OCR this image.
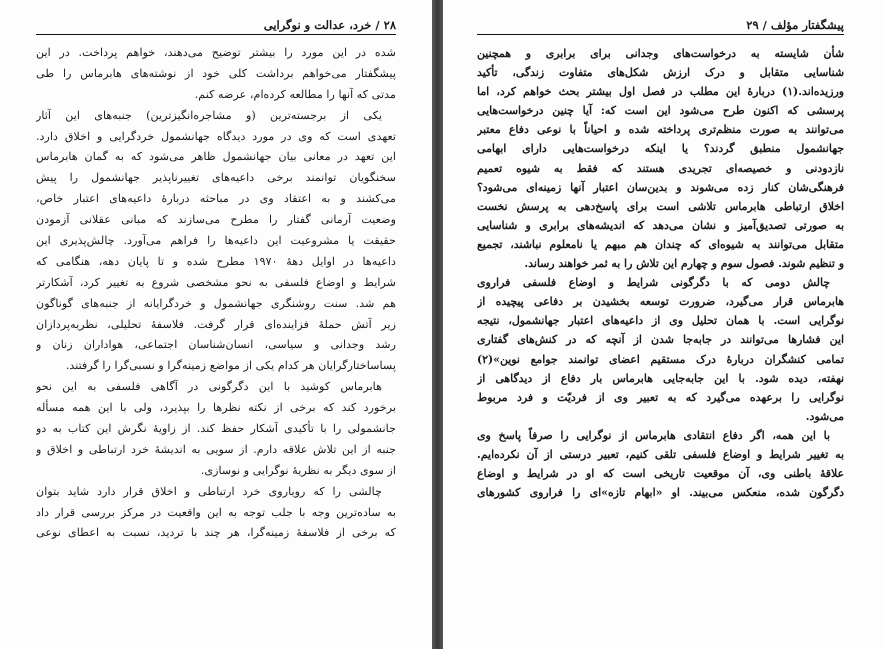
۲۸ / خرد، عدالت و نوگرایی
شده در این مورد را بیشتر توضیح می‌دهند، خواهم پرداخت. در این
پیشگفتار می‌خواهم برداشت کلی خود از نوشته‌های هابرماس را طی
مدتی که آنها را مطالعه کرده‌ام، عرضه کنم.
یکی از برجسته‌ترین (و مشاجره‌انگیزترین) جنبه‌های این آثار
تعهدی است که وی در مورد دیدگاه جهانشمول خردگرایی و اخلاق دارد.
این تعهد در معانی بیان جهانشمول ظاهر می‌شود که به گمان هابرماس
سخنگویان توانمند برخی داعیه‌های تغییرناپذیر جهانشمول را پیش
می‌کشند و به اعتقاد وی در مباحثه دربارهٔ داعیه‌های اعتبار خاص،
وضعیت آرمانی گفتار را مطرح می‌سازند که مبانی عقلانی آزمودن
حقیقت یا مشروعیت این داعیه‌ها را فراهم می‌آورد. چالش‌پذیری این
داعیه‌ها در اوایل دههٔ ۱۹۷۰ مطرح شده و تا پایان دهه، هنگامی که
شرایط و اوضاع فلسفی به نحو مشخصی شروع به تغییر کرد، آشکارتر
هم شد. سنت روشنگری جهانشمول و خردگرایانه از جنبه‌های گوناگون
زیر آتش حملهٔ فزاینده‌ای قرار گرفت. فلاسفهٔ تحلیلی، نظریه‌پردازان
رشد وجدانی و سیاسی، انسان‌شناسان اجتماعی، هواداران زنان و
پساساختارگرایان هر کدام یکی از مواضع زمینه‌گرا و نسبی‌گرا را گرفتند.
هابرماس کوشید با این دگرگونی در آگاهی فلسفی به این نحو
برخورد کند که برخی از نکته نظرها را بپذیرد، ولی با این همه مسأله
جانشمولی را با تأکیدی آشکار حفظ کند. از زاویهٔ نگرش این کتاب به دو
جنبه از این تلاش علاقه دارم. از سویی به اندیشهٔ خرد ارتباطی و اخلاق و
از سوی دیگر به نظریهٔ نوگرایی و نوسازی.
چالشی را که رویاروی خرد ارتباطی و اخلاق قرار دارد شاید بتوان
به ساده‌ترین وجه با جلب توجه به این واقعیت در مرکز بررسی قرار داد
که برخی از فلاسفهٔ زمینه‌گرا، هر چند با تردید، نسبت به اعطای نوعی
پیشگفتار مؤلف / ۲۹
شأن شایسته به درخواست‌های وجدانی برای برابری و همچنین
شناسایی متقابل و درک ارزش شکل‌های متفاوت زندگی، تأکید
ورزیده‌اند.(۱) دربارهٔ این مطلب در فصل اول بیشتر بحث خواهم کرد، اما
پرسشی که اکنون طرح می‌شود این است که: آیا چنین درخواست‌هایی
می‌توانند به صورت منظم‌تری پرداخته شده و احیاناً با نوعی دفاع معتبر
جهانشمول منطبق گردند؟ یا اینکه درخواست‌هایی دارای ابهامی
نازدودنی و خصیصه‌ای تجریدی هستند که فقط به شیوه تعمیم
فرهنگی‌شان کنار زده می‌شوند و بدین‌سان اعتبار آنها زمینه‌ای می‌شود؟
اخلاق ارتباطی هابرماس تلاشی است برای پاسخ‌دهی به پرسش نخست
به صورتی تصدیق‌آمیز و نشان می‌دهد که اندیشه‌های برابری و شناسایی
متقابل می‌توانند به شیوه‌ای که چندان هم مبهم یا نامعلوم نباشند، تجمیع
و تنظیم شوند. فصول سوم و چهارم این تلاش را به ثمر خواهند رساند.
چالش دومی که با دگرگونی شرایط و اوضاع فلسفی فراروی
هابرماس قرار می‌گیرد، ضرورت توسعه بخشیدن بر دفاعی پیچیده از
نوگرایی است. با همان تحلیل وی از داعیه‌های اعتبار جهانشمول، نتیجه
این فشارها می‌توانند در جابه‌جا شدن از آنچه که در کنش‌های گفتاری
تمامی کنشگران دربارهٔ درک مستقیم اعضای توانمند جوامع نوین»(۲)
نهفته، دیده شود. با این جابه‌جایی هابرماس بار دفاع از دیدگاهی از
نوگرایی را برعهده می‌گیرد که به تعبیر وی از فردیّت و فرد مربوط
می‌شود.
با این همه، اگر دفاع انتقادی هابرماس از نوگرایی را صرفاً پاسخ وی
به تغییر شرایط و اوضاع فلسفی تلقی کنیم، تعبیر درستی از آن نکرده‌ایم.
علاقهٔ باطنی وی، آن موقعیت تاریخی است که او در شرایط و اوضاع
دگرگون شده، منعکس می‌بیند. او «ابهام تازه»‌ای را فراروی کشورهای
